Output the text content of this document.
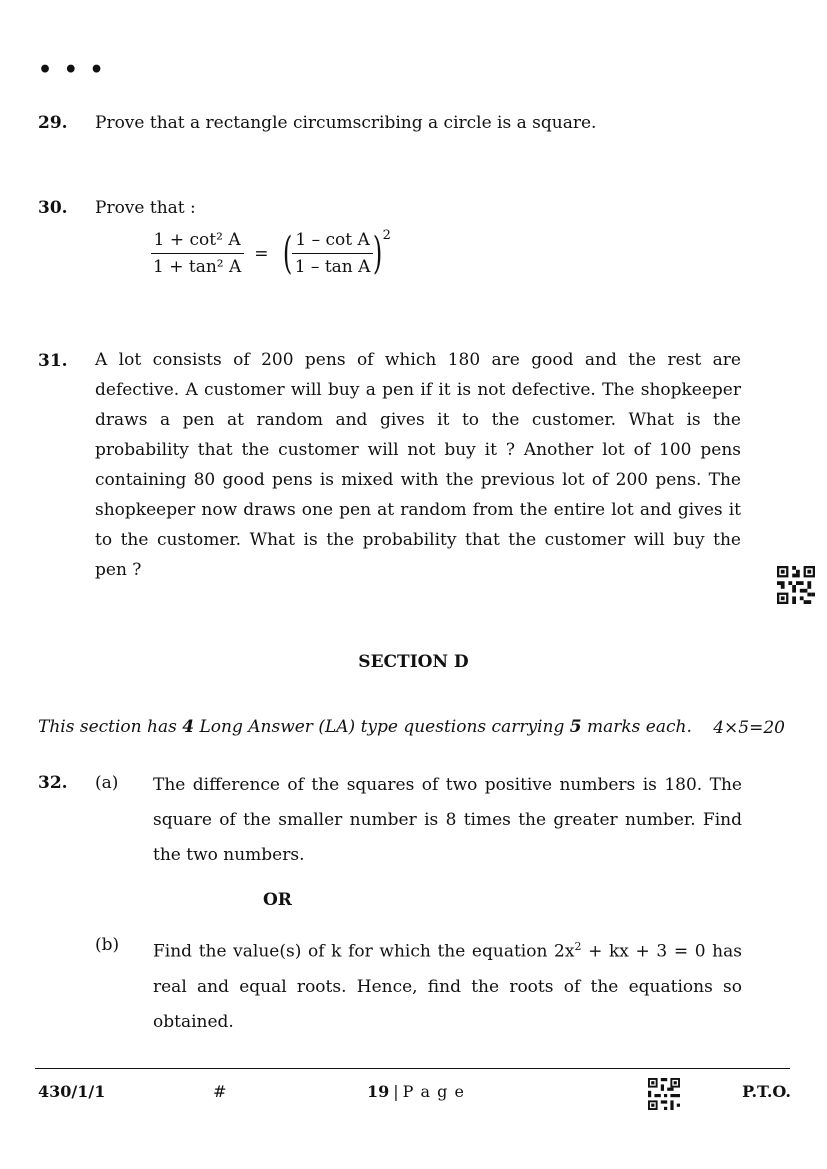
• • •
29. Prove that a rectangle circumscribing a circle is a square.
30. Prove that :
$\frac{\text{1 + cot² A}}{\text{1 + tan² A}}$ = ( $\frac{\text{1 – cot A}}{\text{1 – tan A}}$ ) 2
31. A lot consists of 200 pens of which 180 are good and the rest are
defective. A customer will buy a pen if it is not defective. The shopkeeper
draws a pen at random and gives it to the customer. What is the
probability that the customer will not buy it ? Another lot of 100 pens
containing 80 good pens is mixed with the previous lot of 200 pens. The
shopkeeper now draws one pen at random from the entire lot and gives it
to the customer. What is the probability that the customer will buy the
pen ?
SECTION D
This section has 4 Long Answer (LA) type questions carrying 5 marks each. 4×5=20
32. (a) The difference of the squares of two positive numbers is 180. The
square of the smaller number is 8 times the greater number. Find
the two numbers.
OR
(b) Find the value(s) of k for which the equation $2x^2$ + kx + 3 = 0 has
real and equal roots. Hence, find the roots of the equations so
obtained.
430/1/1	#	19 | P a g e	P.T.O.
